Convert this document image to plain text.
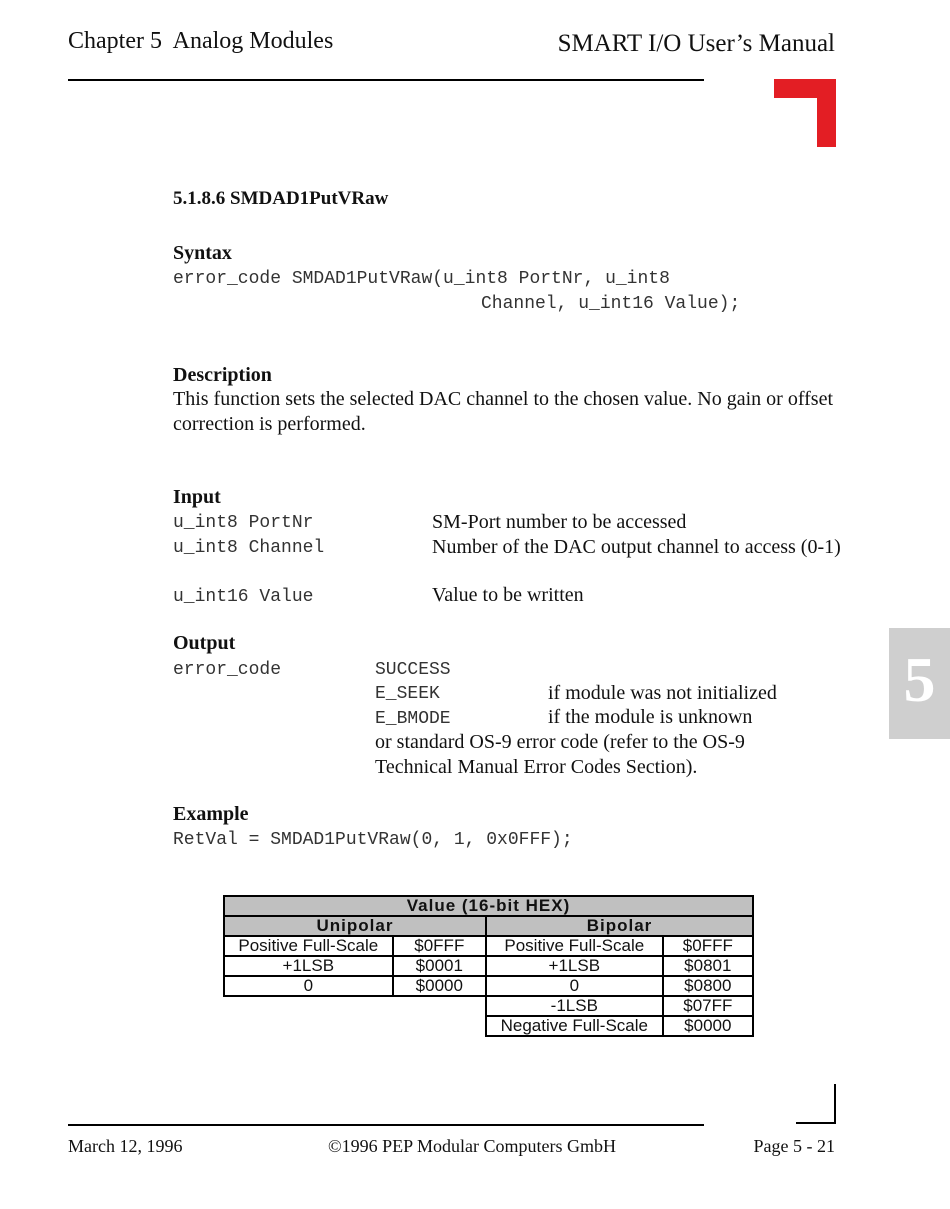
Chapter 5  Analog Modules	SMART I/O User’s Manual
5
5.1.8.6 SMDAD1PutVRaw
Syntax
error_code SMDAD1PutVRaw(u_int8 PortNr, u_int8
Channel, u_int16 Value);
Description
This function sets the selected DAC channel to the chosen value. No gain or offset correction is performed.
Input
u_int8 PortNr	SM-Port number to be accessed
u_int8 Channel	Number of the DAC output channel to access (0-1)
u_int16 Value	Value to be written
Output
error_code	SUCCESS
E_SEEK	if module was not initialized
E_BMODE	if the module is unknown
or standard OS-9 error code (refer to the OS-9 Technical Manual Error Codes Section).
Example
RetVal = SMDAD1PutVRaw(0, 1, 0x0FFF);
Value (16-bit HEX)			
Unipolar		Bipolar	
Positive Full-Scale	$0FFF	Positive Full-Scale	$0FFF
+1LSB	$0001	+1LSB	$0801
0	$0000	0	$0800
		-1LSB	$07FF
		Negative Full-Scale	$0000
March 12, 1996	©1996 PEP Modular Computers GmbH	Page 5 - 21
